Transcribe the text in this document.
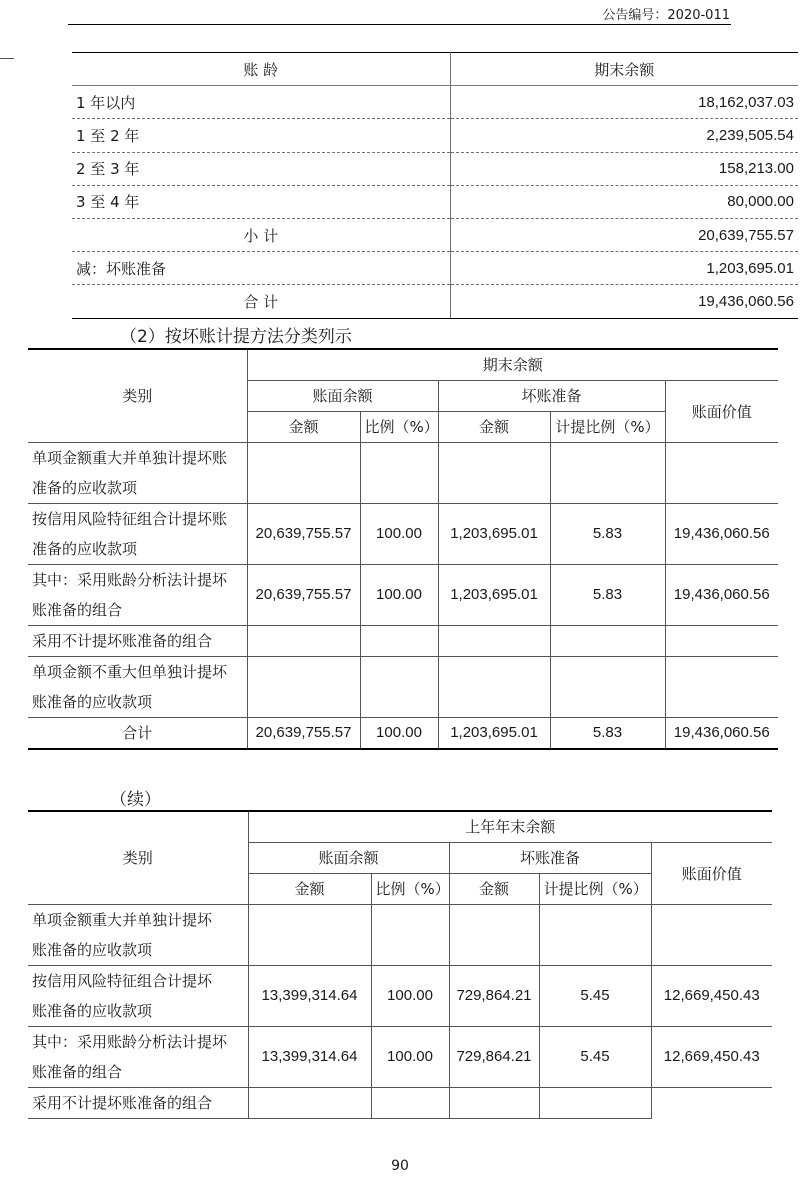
公告编号：2020-011
账 龄	期末余额
1 年以内	18,162,037.03
1 至 2 年	2,239,505.54
2 至 3 年	158,213.00
3 至 4 年	80,000.00
小 计	20,639,755.57
减：坏账准备	1,203,695.01
合 计	19,436,060.56
（2）按坏账计提方法分类列示
类别	期末余额				
	账面余额		坏账准备		账面价值
	金额	比例（%）	金额	计提比例（%）	
单项金额重大并单独计提坏账
准备的应收款项					
按信用风险特征组合计提坏账
准备的应收款项	20,639,755.57	100.00	1,203,695.01	5.83	19,436,060.56
其中：采用账龄分析法计提坏
账准备的组合	20,639,755.57	100.00	1,203,695.01	5.83	19,436,060.56
采用不计提坏账准备的组合					
单项金额不重大但单独计提坏
账准备的应收款项					
合计	20,639,755.57	100.00	1,203,695.01	5.83	19,436,060.56
（续）
类别	上年年末余额				
	账面余额		坏账准备		账面价值
	金额	比例（%）	金额	计提比例（%）	
单项金额重大并单独计提坏
账准备的应收款项					
按信用风险特征组合计提坏
账准备的应收款项	13,399,314.64	100.00	729,864.21	5.45	12,669,450.43
其中：采用账龄分析法计提坏
账准备的组合	13,399,314.64	100.00	729,864.21	5.45	12,669,450.43
采用不计提坏账准备的组合					
90
